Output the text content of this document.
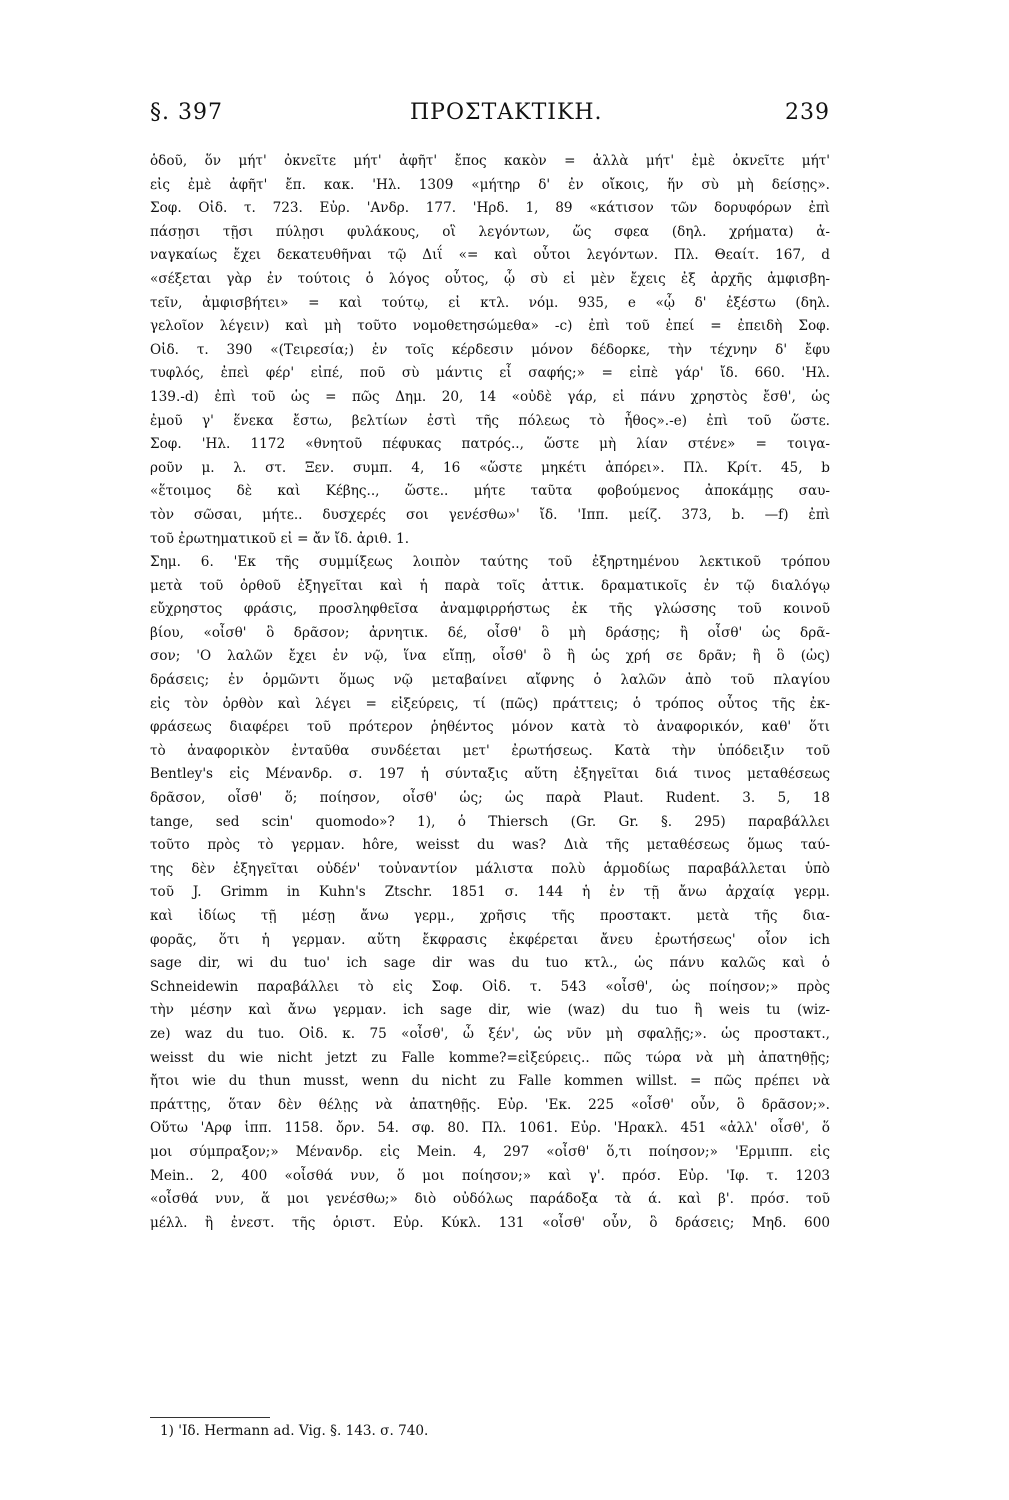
§. 397	ΠΡΟΣΤΑΚΤΙΚΗ.	239
ὁδοῦ, ὅν μήτ' ὀκνεῖτε μήτ' ἀφῆτ' ἔπος κακὸν = ἀλλὰ μήτ' ἐμὲ ὀκνεῖτε μήτ'
εἰς ἐμὲ ἀφῆτ' ἔπ. κακ. 'Ηλ. 1309 «μήτηρ δ' ἐν οἴκοις, ἥν σὺ μὴ δείσῃς».
Σοφ. Οἰδ. τ. 723. Εὐρ. 'Ανδρ. 177. 'Ηρδ. 1, 89 «κάτισον τῶν δορυφόρων ἐπὶ
πάσῃσι τῇσι πύλῃσι φυλάκους, οἳ λεγόντων, ὥς σφεα (δηλ. χρήματα) ἀ-
ναγκαίως ἔχει δεκατευθῆναι τῷ Διΐ «= καὶ οὗτοι λεγόντων. Πλ. Θεαίτ. 167, d
«σέξεται γὰρ ἐν τούτοις ὁ λόγος οὗτος, ᾧ σὺ εἰ μὲν ἔχεις ἐξ ἀρχῆς ἀμφισβη-
τεῖν, ἀμφισβήτει» = καὶ τούτῳ, εἰ κτλ. νόμ. 935, e «ᾧ δ' ἐξέστω (δηλ.
γελοῖον λέγειν) καὶ μὴ τοῦτο νομοθετησώμεθα» -c) ἐπὶ τοῦ ἐπεί = ἐπειδὴ Σοφ.
Οἰδ. τ. 390 «(Τειρεσία;) ἐν τοῖς κέρδεσιν μόνον δέδορκε, τὴν τέχνην δ' ἔφυ
τυφλός, ἐπεὶ φέρ' εἰπέ, ποῦ σὺ μάντις εἶ σαφής;» = εἰπὲ γάρ' ἴδ. 660. 'Ηλ.
139.-d) ἐπὶ τοῦ ὡς = πῶς Δημ. 20, 14 «οὐδὲ γάρ, εἰ πάνυ χρηστὸς ἔσθ', ὡς
ἐμοῦ γ' ἕνεκα ἔστω, βελτίων ἐστὶ τῆς πόλεως τὸ ἦθος».-e) ἐπὶ τοῦ ὥστε.
Σοφ. 'Ηλ. 1172 «θνητοῦ πέφυκας πατρός.., ὥστε μὴ λίαν στένε» = τοιγα-
ροῦν μ. λ. στ. Ξεν. συμπ. 4, 16 «ὥστε μηκέτι ἀπόρει». Πλ. Κρίτ. 45, b
«ἕτοιμος δὲ καὶ Κέβης.., ὥστε.. μήτε ταῦτα φοβούμενος ἀποκάμῃς σαυ-
τὸν σῶσαι, μήτε.. δυσχερές σοι γενέσθω»' ἴδ. 'Ιππ. μείζ. 373, b. —f) ἐπὶ
τοῦ ἐρωτηματικοῦ εἰ = ἄν ἴδ. ἀριθ. 1.
Σημ. 6. 'Εκ τῆς συμμίξεως λοιπὸν ταύτης τοῦ ἐξηρτημένου λεκτικοῦ τρόπου
μετὰ τοῦ ὀρθοῦ ἐξηγεῖται καὶ ἡ παρὰ τοῖς ἀττικ. δραματικοῖς ἐν τῷ διαλόγῳ
εὔχρηστος φράσις, προσληφθεῖσα ἀναμφιρρήστως ἐκ τῆς γλώσσης τοῦ κοινοῦ
βίου, «οἶσθ' ὃ δρᾶσον; ἀρνητικ. δέ, οἶσθ' ὃ μὴ δράσῃς; ἢ οἶσθ' ὡς δρᾶ-
σον; 'Ο λαλῶν ἔχει ἐν νῷ, ἵνα εἴπῃ, οἶσθ' ὃ ἢ ὡς χρή σε δρᾶν; ἢ ὃ (ὡς)
δράσεις; ἐν ὁρμῶντι ὅμως νῷ μεταβαίνει αἴφνης ὁ λαλῶν ἀπὸ τοῦ πλαγίου
εἰς τὸν ὀρθὸν καὶ λέγει = εἰξεύρεις, τί (πῶς) πράττεις; ὁ τρόπος οὗτος τῆς ἐκ-
φράσεως διαφέρει τοῦ πρότερον ῥηθέντος μόνον κατὰ τὸ ἀναφορικόν, καθ' ὅτι
τὸ ἀναφορικὸν ἐνταῦθα συνδέεται μετ' ἐρωτήσεως. Κατὰ τὴν ὑπόδειξιν τοῦ
Bentley's εἰς Μένανδρ. σ. 197 ἡ σύνταξις αὕτη ἐξηγεῖται διά τινος μεταθέσεως
δρᾶσον, οἶσθ' ὅ; ποίησον, οἶσθ' ὡς; ὡς παρὰ Plaut. Rudent. 3. 5, 18
tange, sed scin' quomodo»? 1), ὁ Thiersch (Gr. Gr. §. 295) παραβάλλει
τοῦτο πρὸς τὸ γερμαν. hôre, weisst du was? Διὰ τῆς μεταθέσεως ὅμως ταύ-
της δὲν ἐξηγεῖται οὐδέν' τοὐναντίον μάλιστα πολὺ ἁρμοδίως παραβάλλεται ὑπὸ
τοῦ J. Grimm in Kuhn's Ztschr. 1851 σ. 144 ἡ ἐν τῇ ἄνω ἀρχαίᾳ γερμ.
καὶ ἰδίως τῇ μέσῃ ἄνω γερμ., χρῆσις τῆς προστακτ. μετὰ τῆς δια-
φορᾶς, ὅτι ἡ γερμαν. αὕτη ἔκφρασις ἐκφέρεται ἄνευ ἐρωτήσεως' οἷον ich
sage dir, wi du tuo' ich sage dir was du tuo κτλ., ὡς πάνυ καλῶς καὶ ὁ
Schneidewin παραβάλλει τὸ εἰς Σοφ. Οἰδ. τ. 543 «οἶσθ', ὡς ποίησον;» πρὸς
τὴν μέσην καὶ ἄνω γερμαν. ich sage dir, wie (waz) du tuo ἢ weis tu (wiz-
ze) waz du tuo. Οἰδ. κ. 75 «οἶσθ', ὦ ξέν', ὡς νῦν μὴ σφαλῇς;». ὡς προστακτ.,
weisst du wie nicht jetzt zu Falle komme?=εἰξεύρεις.. πῶς τώρα νὰ μὴ ἀπατηθῇς;
ἤτοι wie du thun musst, wenn du nicht zu Falle kommen willst. = πῶς πρέπει νὰ
πράττῃς, ὅταν δὲν θέλῃς νὰ ἀπατηθῇς. Εὐρ. 'Εκ. 225 «οἶσθ' οὖν, ὃ δρᾶσον;».
Οὕτω 'Αρφ ἱππ. 1158. ὄρν. 54. σφ. 80. Πλ. 1061. Εὐρ. 'Ηρακλ. 451 «ἀλλ' οἶσθ', ὅ
μοι σύμπραξον;» Μένανδρ. εἰς Mein. 4, 297 «οἶσθ' ὅ,τι ποίησον;» 'Ερμιππ. εἰς
Mein.. 2, 400 «οἶσθά νυν, ὅ μοι ποίησον;» καὶ γ'. πρόσ. Εὐρ. 'Ιφ. τ. 1203
«οἶσθά νυν, ἅ μοι γενέσθω;» διὸ οὐδόλως παράδοξα τὰ ά. καὶ β'. πρόσ. τοῦ
μέλλ. ἢ ἐνεστ. τῆς ὁριστ. Εὐρ. Κύκλ. 131 «οἶσθ' οὖν, ὃ δράσεις; Μηδ. 600
1) 'Ιδ. Hermann ad. Vig. §. 143. σ. 740.
